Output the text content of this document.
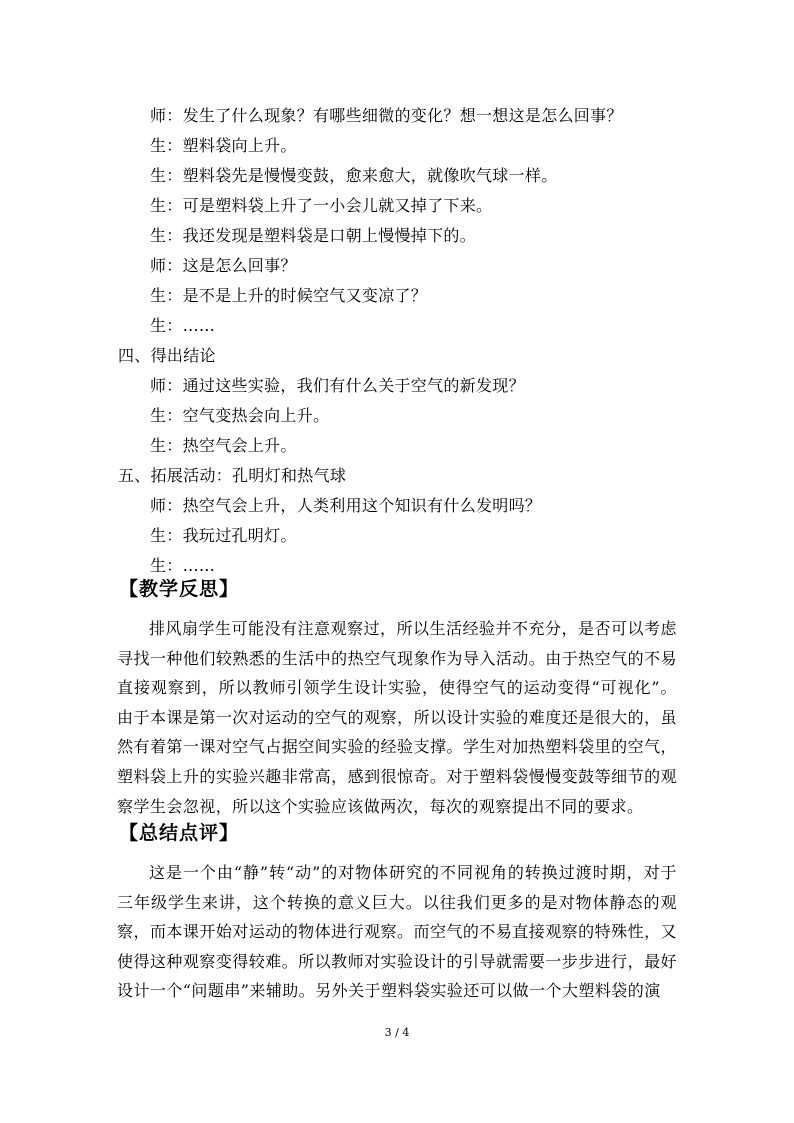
师：发生了什么现象？有哪些细微的变化？想一想这是怎么回事？
生：塑料袋向上升。
生：塑料袋先是慢慢变鼓，愈来愈大，就像吹气球一样。
生：可是塑料袋上升了一小会儿就又掉了下来。
生：我还发现是塑料袋是口朝上慢慢掉下的。
师：这是怎么回事？
生：是不是上升的时候空气又变凉了？
生：……
四、得出结论
师：通过这些实验，我们有什么关于空气的新发现？
生：空气变热会向上升。
生：热空气会上升。
五、拓展活动：孔明灯和热气球
师：热空气会上升，人类利用这个知识有什么发明吗？
生：我玩过孔明灯。
生：……
【教学反思】
排风扇学生可能没有注意观察过，所以生活经验并不充分，是否可以考虑寻找一种他们较熟悉的生活中的热空气现象作为导入活动。由于热空气的不易直接观察到，所以教师引领学生设计实验，使得空气的运动变得“可视化”。由于本课是第一次对运动的空气的观察，所以设计实验的难度还是很大的，虽然有着第一课对空气占据空间实验的经验支撑。学生对加热塑料袋里的空气，塑料袋上升的实验兴趣非常高，感到很惊奇。对于塑料袋慢慢变鼓等细节的观察学生会忽视，所以这个实验应该做两次，每次的观察提出不同的要求。
【总结点评】
这是一个由“静”转“动”的对物体研究的不同视角的转换过渡时期，对于三年级学生来讲，这个转换的意义巨大。以往我们更多的是对物体静态的观察，而本课开始对运动的物体进行观察。而空气的不易直接观察的特殊性，又使得这种观察变得较难。所以教师对实验设计的引导就需要一步步进行，最好设计一个“问题串”来辅助。另外关于塑料袋实验还可以做一个大塑料袋的演
3 / 4
